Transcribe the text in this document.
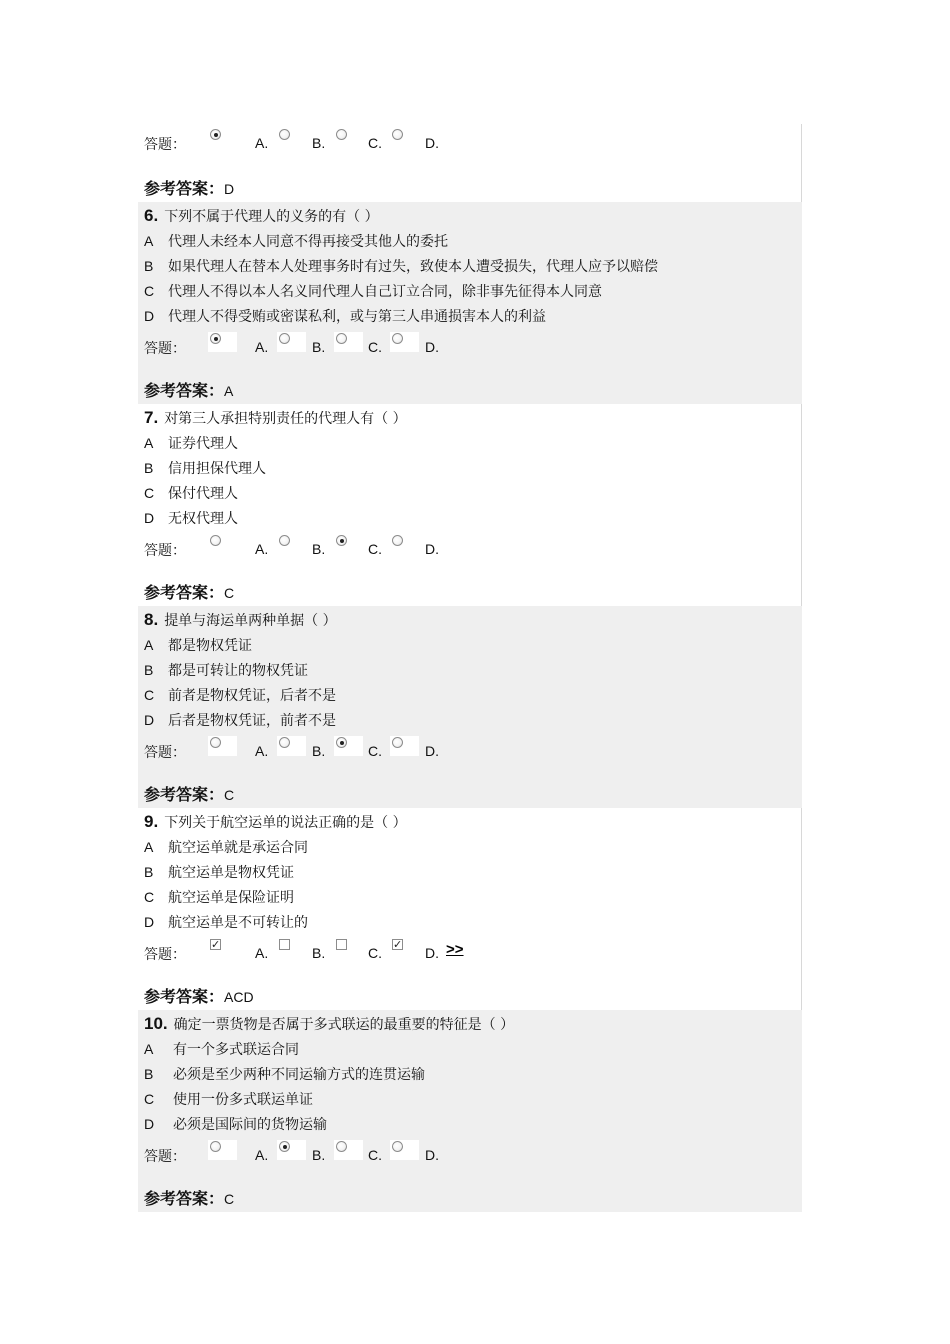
答题：	A.	B.	C.	D.
参考答案：D
6. 下列不属于代理人的义务的有（ ）
A 代理人未经本人同意不得再接受其他人的委托
B 如果代理人在替本人处理事务时有过失，致使本人遭受损失，代理人应予以赔偿
C 代理人不得以本人名义同代理人自己订立合同，除非事先征得本人同意
D 代理人不得受贿或密谋私利，或与第三人串通损害本人的利益
答题：	A.	B.	C.	D.
参考答案：A
7. 对第三人承担特别责任的代理人有（ ）
A 证券代理人
B 信用担保代理人
C 保付代理人
D 无权代理人
答题：	A.	B.	C.	D.
参考答案：C
8. 提单与海运单两种单据（ ）
A 都是物权凭证
B 都是可转让的物权凭证
C 前者是物权凭证，后者不是
D 后者是物权凭证，前者不是
答题：	A.	B.	C.	D.
参考答案：C
9. 下列关于航空运单的说法正确的是（ ）
A 航空运单就是承运合同
B 航空运单是物权凭证
C 航空运单是保险证明
D 航空运单是不可转让的
答题：
✓
A.	B.	C.
✓
D. >>
参考答案：ACD
10. 确定一票货物是否属于多式联运的最重要的特征是（ ）
A 有一个多式联运合同
B 必须是至少两种不同运输方式的连贯运输
C 使用一份多式联运单证
D 必须是国际间的货物运输
答题：	A.	B.	C.	D.
参考答案：C
